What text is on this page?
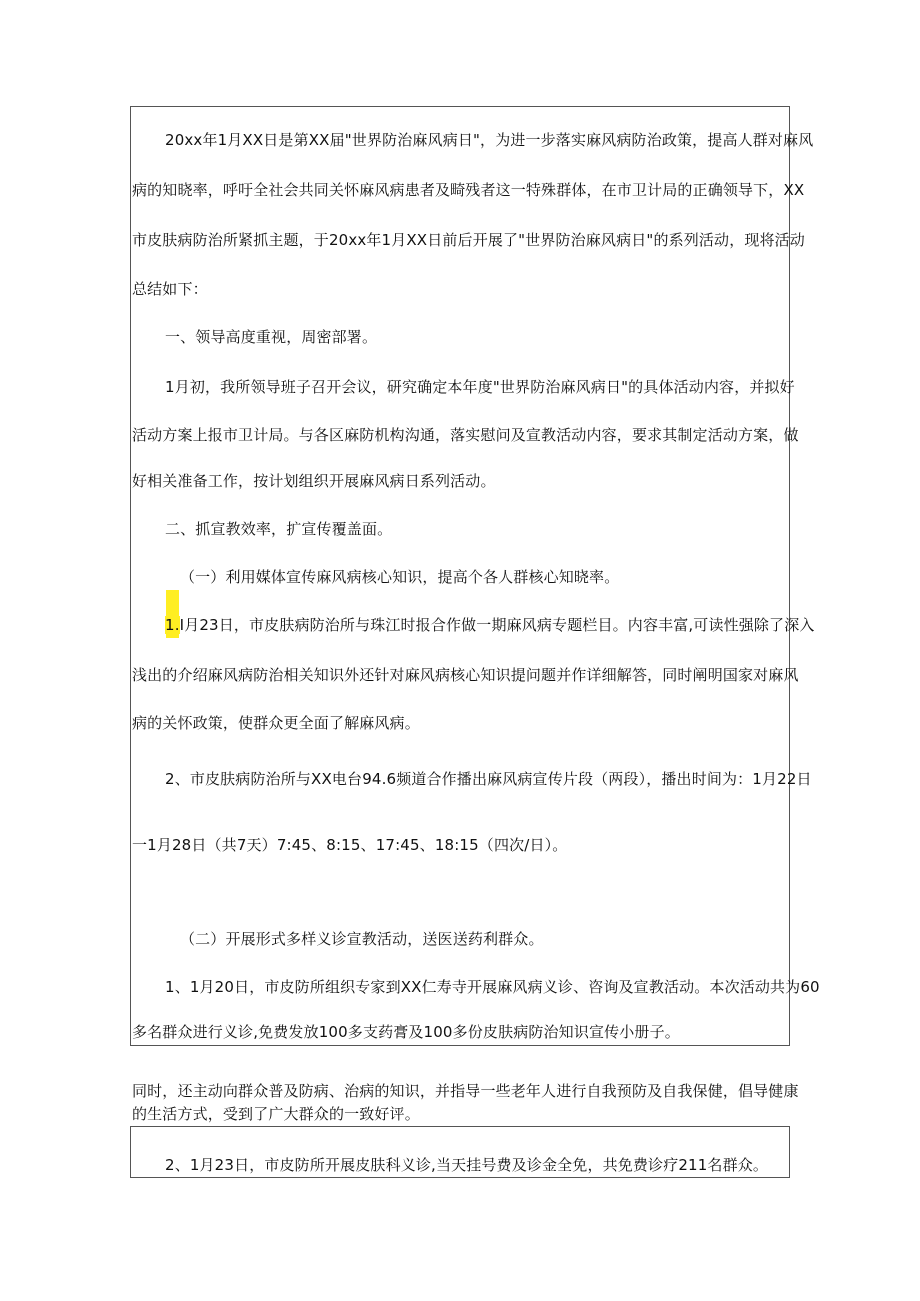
20xx年1月XX日是第XX届"世界防治麻风病日"，为进一步落实麻风病防治政策，提高人群对麻风

病的知晓率，呼吁全社会共同关怀麻风病患者及畸残者这一特殊群体，在市卫计局的正确领导下，XX

市皮肤病防治所紧抓主题，于20xx年1月XX日前后开展了"世界防治麻风病日"的系列活动，现将活动

总结如下：

一、领导高度重视，周密部署。

1月初，我所领导班子召开会议，研究确定本年度"世界防治麻风病日"的具体活动内容，并拟好

活动方案上报市卫计局。与各区麻防机构沟通，落实慰问及宣教活动内容，要求其制定活动方案，做

好相关准备工作，按计划组织开展麻风病日系列活动。

二、抓宣教效率，扩宣传覆盖面。

（一）利用媒体宣传麻风病核心知识，提高个各人群核心知晓率。

1.I月23日，市皮肤病防治所与珠江时报合作做一期麻风病专题栏目。内容丰富,可读性强除了深入

浅出的介绍麻风病防治相关知识外还针对麻风病核心知识提问题并作详细解答，同时阐明国家对麻风

病的关怀政策，使群众更全面了解麻风病。

2、市皮肤病防治所与XX电台94.6频道合作播出麻风病宣传片段（两段），播出时间为：1月22日

一1月28日（共7天）7:45、8:15、17:45、18:15（四次/日）。

（二）开展形式多样义诊宣教活动，送医送药利群众。

1、1月20日，市皮防所组织专家到XX仁寿寺开展麻风病义诊、咨询及宣教活动。本次活动共为60

多名群众进行义诊,免费发放100多支药膏及100多份皮肤病防治知识宣传小册子。

同时，还主动向群众普及防病、治病的知识，并指导一些老年人进行自我预防及自我保健，倡导健康

的生活方式，受到了广大群众的一致好评。

2、1月23日，市皮防所开展皮肤科义诊,当天挂号费及诊金全免，共免费诊疗211名群众。
